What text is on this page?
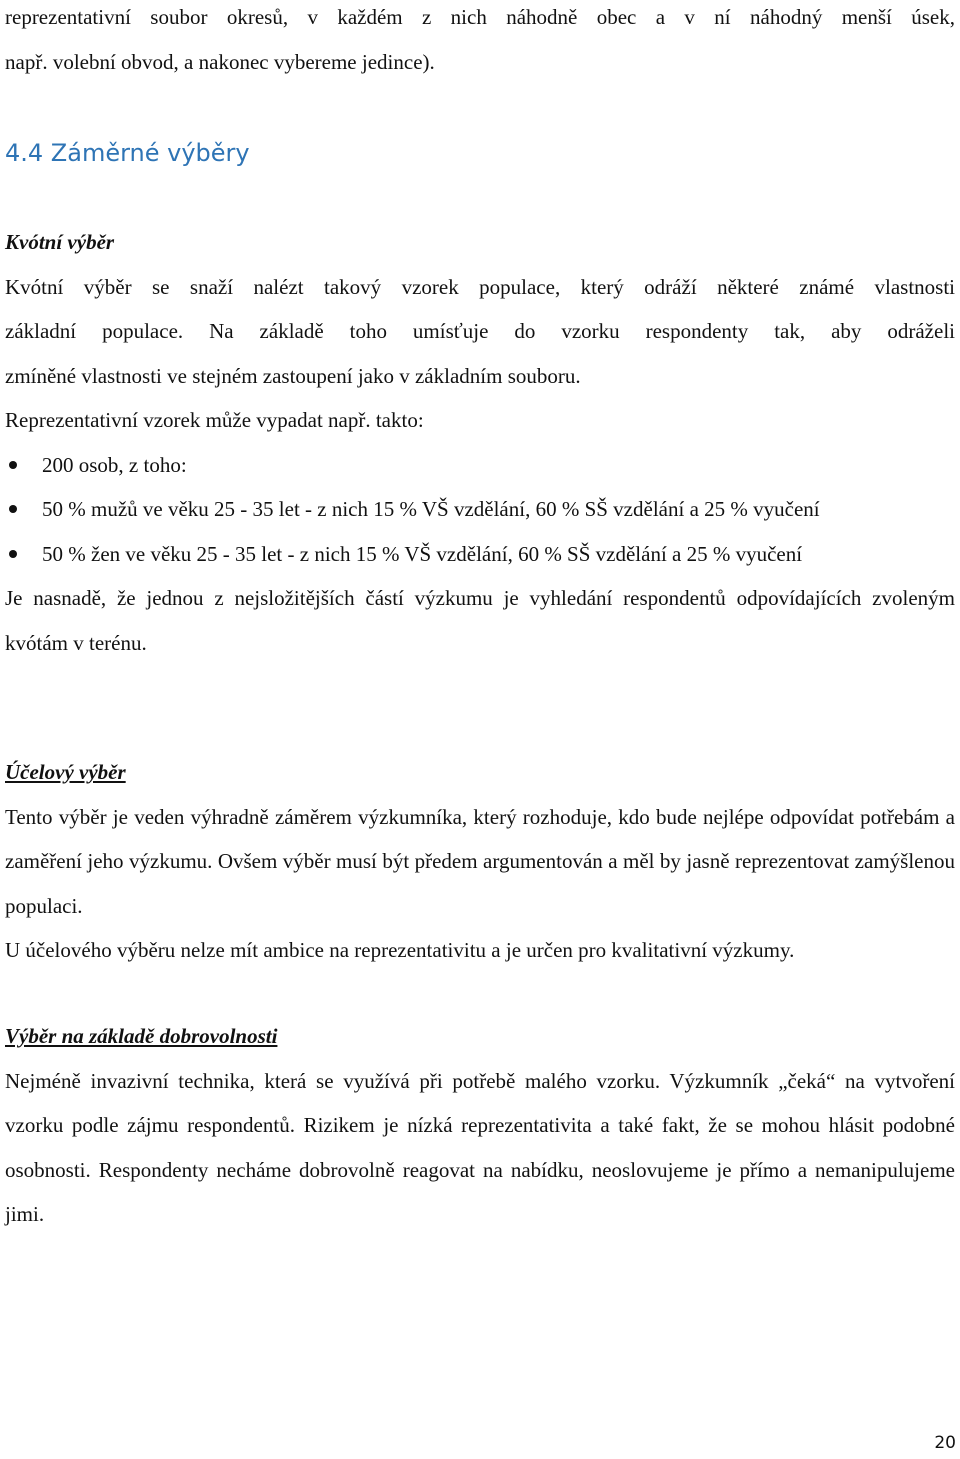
reprezentativní soubor okresů, v každém z nich náhodně obec a v ní náhodný menší úsek,

např. volební obvod, a nakonec vybereme jedince).

4.4 Záměrné výběry

Kvótní výběr

Kvótní výběr se snaží nalézt takový vzorek populace, který odráží některé známé vlastnosti

základní populace. Na základě toho umísťuje do vzorku respondenty tak, aby odráželi

zmíněné vlastnosti ve stejném zastoupení jako v základním souboru.

Reprezentativní vzorek může vypadat např. takto:

200 osob, z toho:
50 % mužů ve věku 25 - 35 let - z nich 15 % VŠ vzdělání, 60 % SŠ vzdělání a 25 % vyučení
50 % žen ve věku 25 - 35 let - z nich 15 % VŠ vzdělání, 60 % SŠ vzdělání a 25 % vyučení

Je nasnadě, že jednou z nejsložitějších částí výzkumu je vyhledání respondentů odpovídajících zvoleným kvótám v terénu.

Účelový výběr

Tento výběr je veden výhradně záměrem výzkumníka, který rozhoduje, kdo bude nejlépe odpovídat potřebám a zaměření jeho výzkumu. Ovšem výběr musí být předem argumentován a měl by jasně reprezentovat zamýšlenou populaci.

U účelového výběru nelze mít ambice na reprezentativitu a je určen pro kvalitativní výzkumy.

Výběr na základě dobrovolnosti

Nejméně invazivní technika, která se využívá při potřebě malého vzorku. Výzkumník „čeká“ na vytvoření vzorku podle zájmu respondentů. Rizikem je nízká reprezentativita a také fakt, že se mohou hlásit podobné osobnosti. Respondenty necháme dobrovolně reagovat na nabídku, neoslovujeme je přímo a nemanipulujeme jimi.

20
